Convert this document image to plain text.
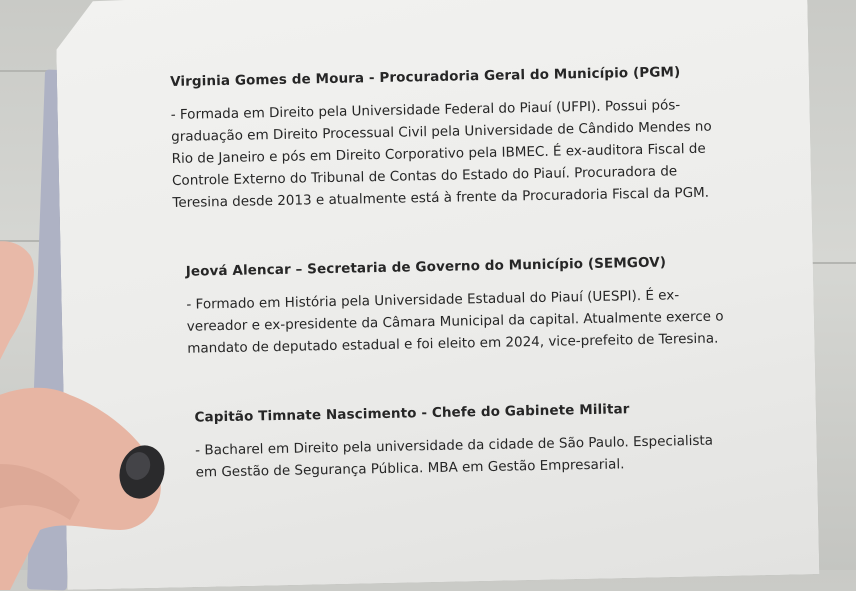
Virginia Gomes de Moura - Procuradoria Geral do Município (PGM)

- Formada em Direito pela Universidade Federal do Piauí (UFPI). Possui pós-graduação em Direito Processual Civil pela Universidade de Cândido Mendes no Rio de Janeiro e pós em Direito Corporativo pela IBMEC. É ex-auditora Fiscal de Controle Externo do Tribunal de Contas do Estado do Piauí. Procuradora de Teresina desde 2013 e atualmente está à frente da Procuradoria Fiscal da PGM.

Jeová Alencar – Secretaria de Governo do Município (SEMGOV)

- Formado em História pela Universidade Estadual do Piauí (UESPI). É ex-vereador e ex-presidente da Câmara Municipal da capital. Atualmente exerce o mandato de deputado estadual e foi eleito em 2024, vice-prefeito de Teresina.

Capitão Timnate Nascimento - Chefe do Gabinete Militar

- Bacharel em Direito pela universidade da cidade de São Paulo. Especialista em Gestão de Segurança Pública. MBA em Gestão Empresarial.
